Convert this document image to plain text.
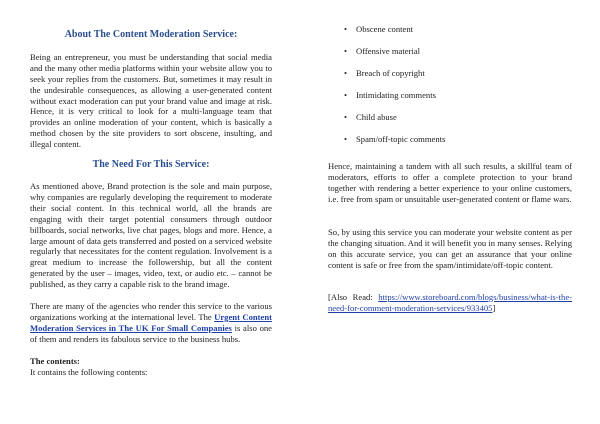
About The Content Moderation Service:

Being an entrepreneur, you must be understanding that social media and the many other media platforms within your website allow you to seek your replies from the customers. But, sometimes it may result in the undesirable consequences, as allowing a user-generated content without exact moderation can put your brand value and image at risk. Hence, it is very critical to look for a multi-language team that provides an online moderation of your content, which is basically a method chosen by the site providers to sort obscene, insulting, and illegal content.

The Need For This Service:

As mentioned above, Brand protection is the sole and main purpose, why companies are regularly developing the requirement to moderate their social content. In this technical world, all the brands are engaging with their target potential consumers through outdoor billboards, social networks, live chat pages, blogs and more. Hence, a large amount of data gets transferred and posted on a serviced website regularly that necessitates for the content regulation. Involvement is a great medium to increase the followership, but all the content generated by the user – images, video, text, or audio etc. – cannot be published, as they carry a capable risk to the brand image.

There are many of the agencies who render this service to the various organizations working at the international level. The Urgent Content Moderation Services in The UK For Small Companies is also one of them and renders its fabulous service to the business hubs.

The contents:

It contains the following contents:

• Obscene content
• Offensive material
• Breach of copyright
• Intimidating comments
• Child abuse
• Spam/off-topic comments

Hence, maintaining a tandem with all such results, a skillful team of moderators, efforts to offer a complete protection to your brand together with rendering a better experience to your online customers, i.e. free from spam or unsuitable user-generated content or flame wars.

So, by using this service you can moderate your website content as per the changing situation. And it will benefit you in many senses. Relying on this accurate service, you can get an assurance that your online content is safe or free from the spam/intimidate/off-topic content.

[Also Read: https://www.storeboard.com/blogs/business/what-is-the-need-for-comment-moderation-services/933405]
